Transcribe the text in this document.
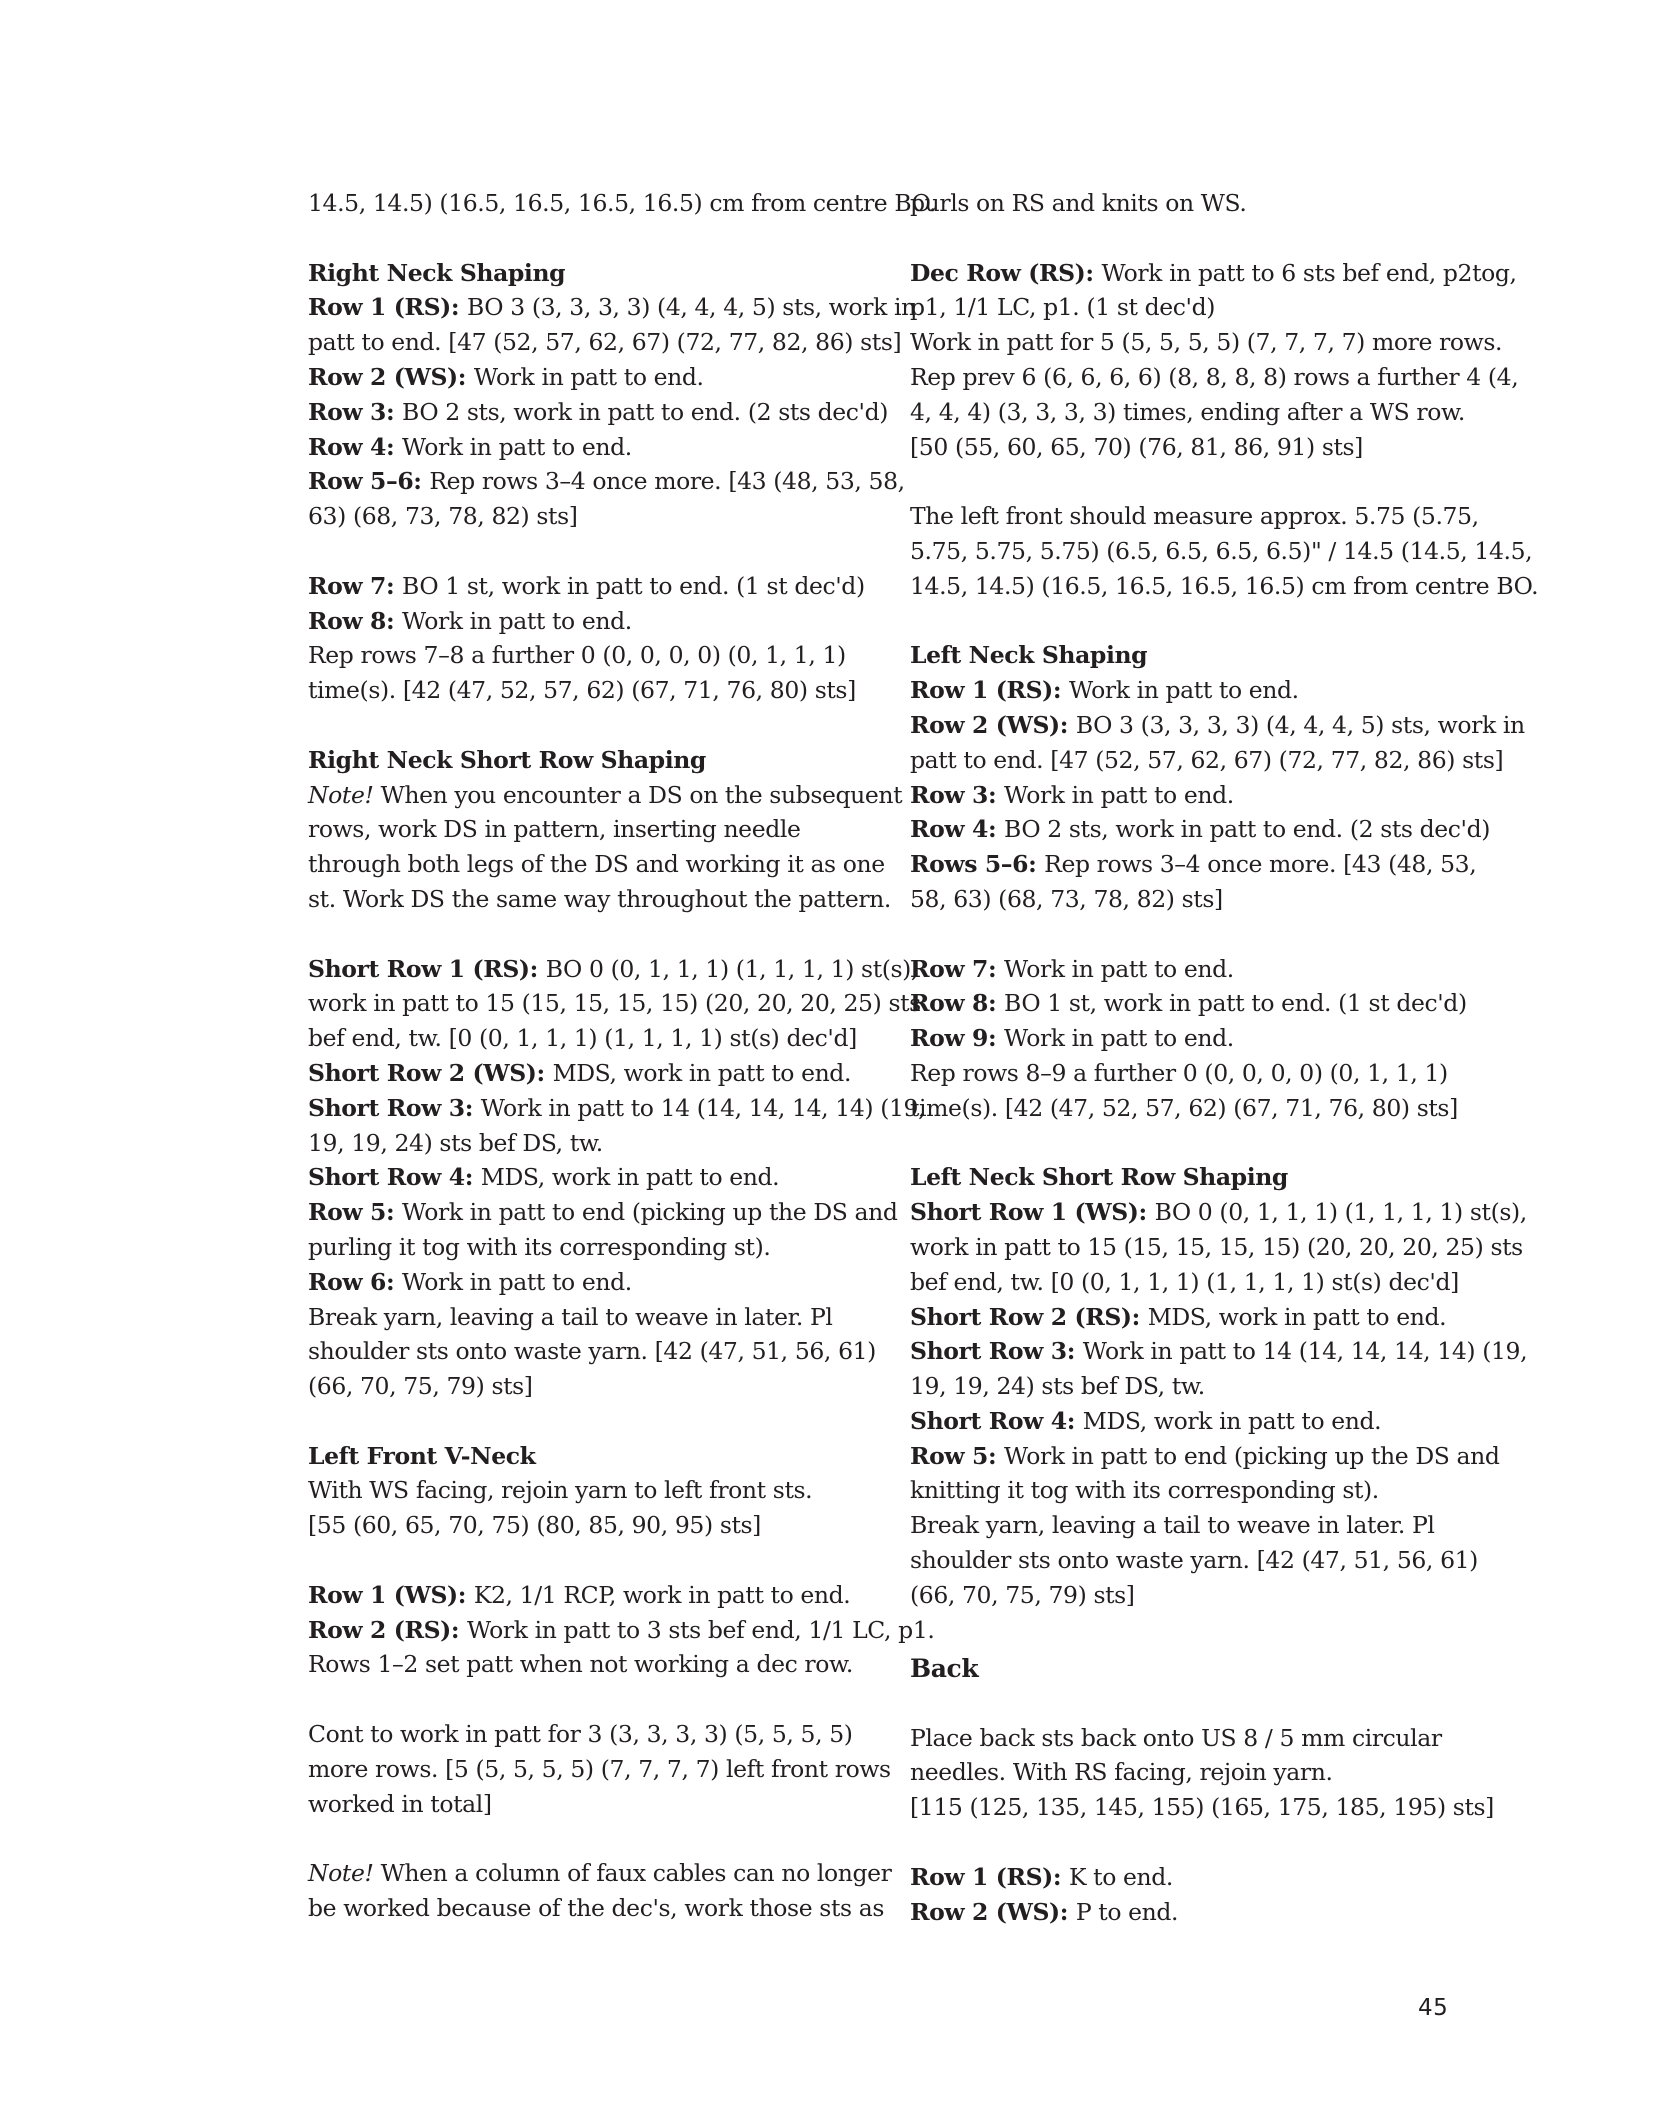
14.5, 14.5) (16.5, 16.5, 16.5, 16.5) cm from centre BO.
Right Neck Shaping
Row 1 (RS): BO 3 (3, 3, 3, 3) (4, 4, 4, 5) sts, work in
patt to end. [47 (52, 57, 62, 67) (72, 77, 82, 86) sts]
Row 2 (WS): Work in patt to end.
Row 3: BO 2 sts, work in patt to end. (2 sts dec'd)
Row 4: Work in patt to end.
Row 5–6: Rep rows 3–4 once more. [43 (48, 53, 58,
63) (68, 73, 78, 82) sts]
Row 7: BO 1 st, work in patt to end. (1 st dec'd)
Row 8: Work in patt to end.
Rep rows 7–8 a further 0 (0, 0, 0, 0) (0, 1, 1, 1)
time(s). [42 (47, 52, 57, 62) (67, 71, 76, 80) sts]
Right Neck Short Row Shaping
Note! When you encounter a DS on the subsequent
rows, work DS in pattern, inserting needle
through both legs of the DS and working it as one
st. Work DS the same way throughout the pattern.
Short Row 1 (RS): BO 0 (0, 1, 1, 1) (1, 1, 1, 1) st(s),
work in patt to 15 (15, 15, 15, 15) (20, 20, 20, 25) sts
bef end, tw. [0 (0, 1, 1, 1) (1, 1, 1, 1) st(s) dec'd]
Short Row 2 (WS): MDS, work in patt to end.
Short Row 3: Work in patt to 14 (14, 14, 14, 14) (19,
19, 19, 24) sts bef DS, tw.
Short Row 4: MDS, work in patt to end.
Row 5: Work in patt to end (picking up the DS and
purling it tog with its corresponding st).
Row 6: Work in patt to end.
Break yarn, leaving a tail to weave in later. Pl
shoulder sts onto waste yarn. [42 (47, 51, 56, 61)
(66, 70, 75, 79) sts]
Left Front V-Neck
With WS facing, rejoin yarn to left front sts.
[55 (60, 65, 70, 75) (80, 85, 90, 95) sts]
Row 1 (WS): K2, 1/1 RCP, work in patt to end.
Row 2 (RS): Work in patt to 3 sts bef end, 1/1 LC, p1.
Rows 1–2 set patt when not working a dec row.
Cont to work in patt for 3 (3, 3, 3, 3) (5, 5, 5, 5)
more rows. [5 (5, 5, 5, 5) (7, 7, 7, 7) left front rows
worked in total]
Note! When a column of faux cables can no longer
be worked because of the dec's, work those sts as
purls on RS and knits on WS.
Dec Row (RS): Work in patt to 6 sts bef end, p2tog,
p1, 1/1 LC, p1. (1 st dec'd)
Work in patt for 5 (5, 5, 5, 5) (7, 7, 7, 7) more rows.
Rep prev 6 (6, 6, 6, 6) (8, 8, 8, 8) rows a further 4 (4,
4, 4, 4) (3, 3, 3, 3) times, ending after a WS row.
[50 (55, 60, 65, 70) (76, 81, 86, 91) sts]
The left front should measure approx. 5.75 (5.75,
5.75, 5.75, 5.75) (6.5, 6.5, 6.5, 6.5)" / 14.5 (14.5, 14.5,
14.5, 14.5) (16.5, 16.5, 16.5, 16.5) cm from centre BO.
Left Neck Shaping
Row 1 (RS): Work in patt to end.
Row 2 (WS): BO 3 (3, 3, 3, 3) (4, 4, 4, 5) sts, work in
patt to end. [47 (52, 57, 62, 67) (72, 77, 82, 86) sts]
Row 3: Work in patt to end.
Row 4: BO 2 sts, work in patt to end. (2 sts dec'd)
Rows 5–6: Rep rows 3–4 once more. [43 (48, 53,
58, 63) (68, 73, 78, 82) sts]
Row 7: Work in patt to end.
Row 8: BO 1 st, work in patt to end. (1 st dec'd)
Row 9: Work in patt to end.
Rep rows 8–9 a further 0 (0, 0, 0, 0) (0, 1, 1, 1)
time(s). [42 (47, 52, 57, 62) (67, 71, 76, 80) sts]
Left Neck Short Row Shaping
Short Row 1 (WS): BO 0 (0, 1, 1, 1) (1, 1, 1, 1) st(s),
work in patt to 15 (15, 15, 15, 15) (20, 20, 20, 25) sts
bef end, tw. [0 (0, 1, 1, 1) (1, 1, 1, 1) st(s) dec'd]
Short Row 2 (RS): MDS, work in patt to end.
Short Row 3: Work in patt to 14 (14, 14, 14, 14) (19,
19, 19, 24) sts bef DS, tw.
Short Row 4: MDS, work in patt to end.
Row 5: Work in patt to end (picking up the DS and
knitting it tog with its corresponding st).
Break yarn, leaving a tail to weave in later. Pl
shoulder sts onto waste yarn. [42 (47, 51, 56, 61)
(66, 70, 75, 79) sts]
Back
Place back sts back onto US 8 / 5 mm circular
needles. With RS facing, rejoin yarn.
[115 (125, 135, 145, 155) (165, 175, 185, 195) sts]
Row 1 (RS): K to end.
Row 2 (WS): P to end.
45
